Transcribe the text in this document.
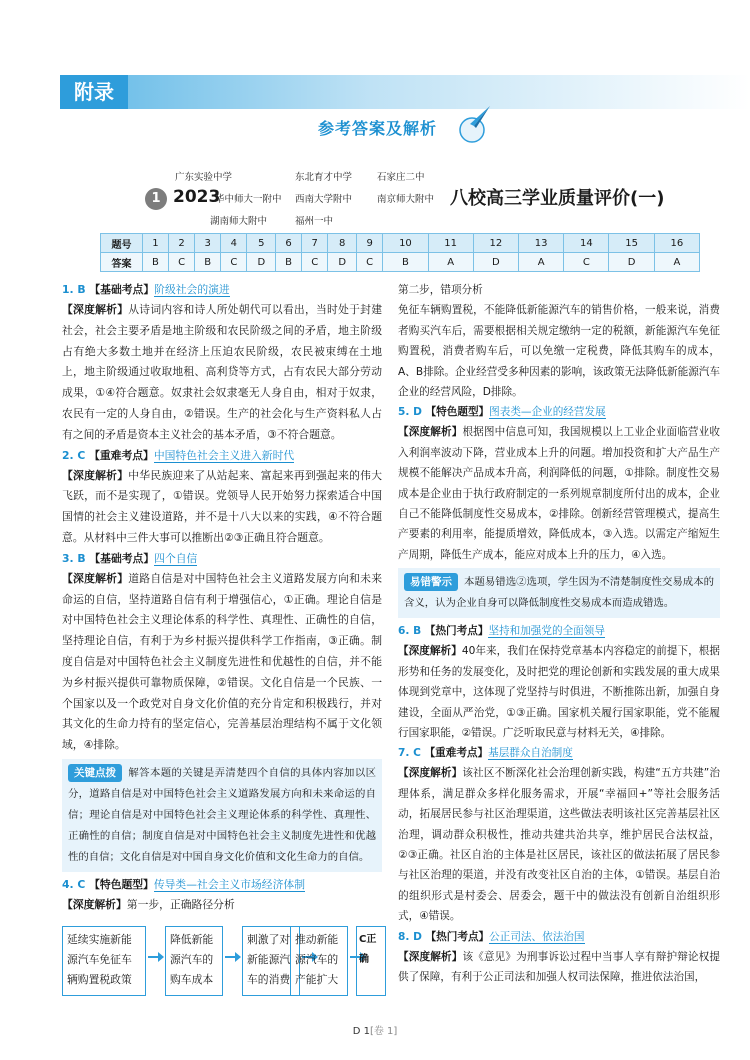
附录
参考答案及解析
1 2023
广东实验中学	东北育才中学	石家庄二中
华中师大一附中 西南大学附中	南京师大附中
湖南师大附中	福州一中
八校高三学业质量评价(一)
题号	1	2	3	4	5	6	7	8	9	10	11	12	13	14	15	16
答案	B	C	B	C	D	B	C	D	C	B	A	D	A	C	D	A
1. B 【基础考点】阶级社会的演进
【深度解析】从诗词内容和诗人所处朝代可以看出，当时处于封建社会，社会主要矛盾是地主阶级和农民阶级之间的矛盾，地主阶级占有绝大多数土地并在经济上压迫农民阶级，农民被束缚在土地上，地主阶级通过收取地租、高利贷等方式，占有农民大部分劳动成果，①④符合题意。奴隶社会奴隶毫无人身自由，相对于奴隶，农民有一定的人身自由，②错误。生产的社会化与生产资料私人占有之间的矛盾是资本主义社会的基本矛盾，③不符合题意。
2. C 【重难考点】中国特色社会主义进入新时代
【深度解析】中华民族迎来了从站起来、富起来再到强起来的伟大飞跃，而不是实现了，①错误。党领导人民开始努力探索适合中国国情的社会主义建设道路，并不是十八大以来的实践，④不符合题意。从材料中三件大事可以推断出②③正确且符合题意。
3. B 【基础考点】四个自信
【深度解析】道路自信是对中国特色社会主义道路发展方向和未来命运的自信，坚持道路自信有利于增强信心，①正确。理论自信是对中国特色社会主义理论体系的科学性、真理性、正确性的自信，坚持理论自信，有利于为乡村振兴提供科学工作指南，③正确。制度自信是对中国特色社会主义制度先进性和优越性的自信，并不能为乡村振兴提供可靠物质保障，②错误。文化自信是一个民族、一个国家以及一个政党对自身文化价值的充分肯定和积极践行，并对其文化的生命力持有的坚定信心，完善基层治理结构不属于文化领域，④排除。
关键点拨 解答本题的关键是弄清楚四个自信的具体内容加以区分，道路自信是对中国特色社会主义道路发展方向和未来命运的自信；理论自信是对中国特色社会主义理论体系的科学性、真理性、正确性的自信；制度自信是对中国特色社会主义制度先进性和优越性的自信；文化自信是对中国自身文化价值和文化生命力的自信。
4. C 【特色题型】传导类—社会主义市场经济体制
【深度解析】第一步，正确路径分析
延续实施新能源汽车免征车辆购置税政策
降低新能源汽车的购车成本
刺激了对新能源汽车的消费
推动新能源汽车的产能扩大
C正确
第二步，错项分析
免征车辆购置税，不能降低新能源汽车的销售价格，一般来说，消费者购买汽车后，需要根据相关规定缴纳一定的税额，新能源汽车免征购置税，消费者购车后，可以免缴一定税费，降低其购车的成本，A、B排除。企业经营受多种因素的影响，该政策无法降低新能源汽车企业的经营风险，D排除。
5. D 【特色题型】图表类—企业的经营发展
【深度解析】根据图中信息可知，我国规模以上工业企业面临营业收入利润率波动下降，营业成本上升的问题。增加投资和扩大产品生产规模不能解决产品成本升高，利润降低的问题，①排除。制度性交易成本是企业由于执行政府制定的一系列规章制度所付出的成本，企业自己不能降低制度性交易成本，②排除。创新经营管理模式，提高生产要素的利用率，能提质增效，降低成本，③入选。以需定产缩短生产周期，降低生产成本，能应对成本上升的压力，④入选。
易错警示 本题易错选②选项，学生因为不清楚制度性交易成本的含义，认为企业自身可以降低制度性交易成本而造成错选。
6. B 【热门考点】坚持和加强党的全面领导
【深度解析】40年来，我们在保持党章基本内容稳定的前提下，根据形势和任务的发展变化，及时把党的理论创新和实践发展的重大成果体现到党章中，这体现了党坚持与时俱进，不断推陈出新，加强自身建设，全面从严治党，①③正确。国家机关履行国家职能，党不能履行国家职能，②错误。广泛听取民意与材料无关，④排除。
7. C 【重难考点】基层群众自治制度
【深度解析】该社区不断深化社会治理创新实践，构建“五方共建”治理体系，满足群众多样化服务需求，开展“幸福回+”等社会服务活动，拓展居民参与社区治理渠道，这些做法表明该社区完善基层社区治理，调动群众积极性，推动共建共治共享，维护居民合法权益，②③正确。社区自治的主体是社区居民，该社区的做法拓展了居民参与社区治理的渠道，并没有改变社区自治的主体，①错误。基层自治的组织形式是村委会、居委会，题干中的做法没有创新自治组织形式，④错误。
8. D 【热门考点】公正司法、依法治国
【深度解析】该《意见》为刑事诉讼过程中当事人享有辩护辩论权提供了保障，有利于公正司法和加强人权司法保障，推进依法治国，
D 1[卷 1]
